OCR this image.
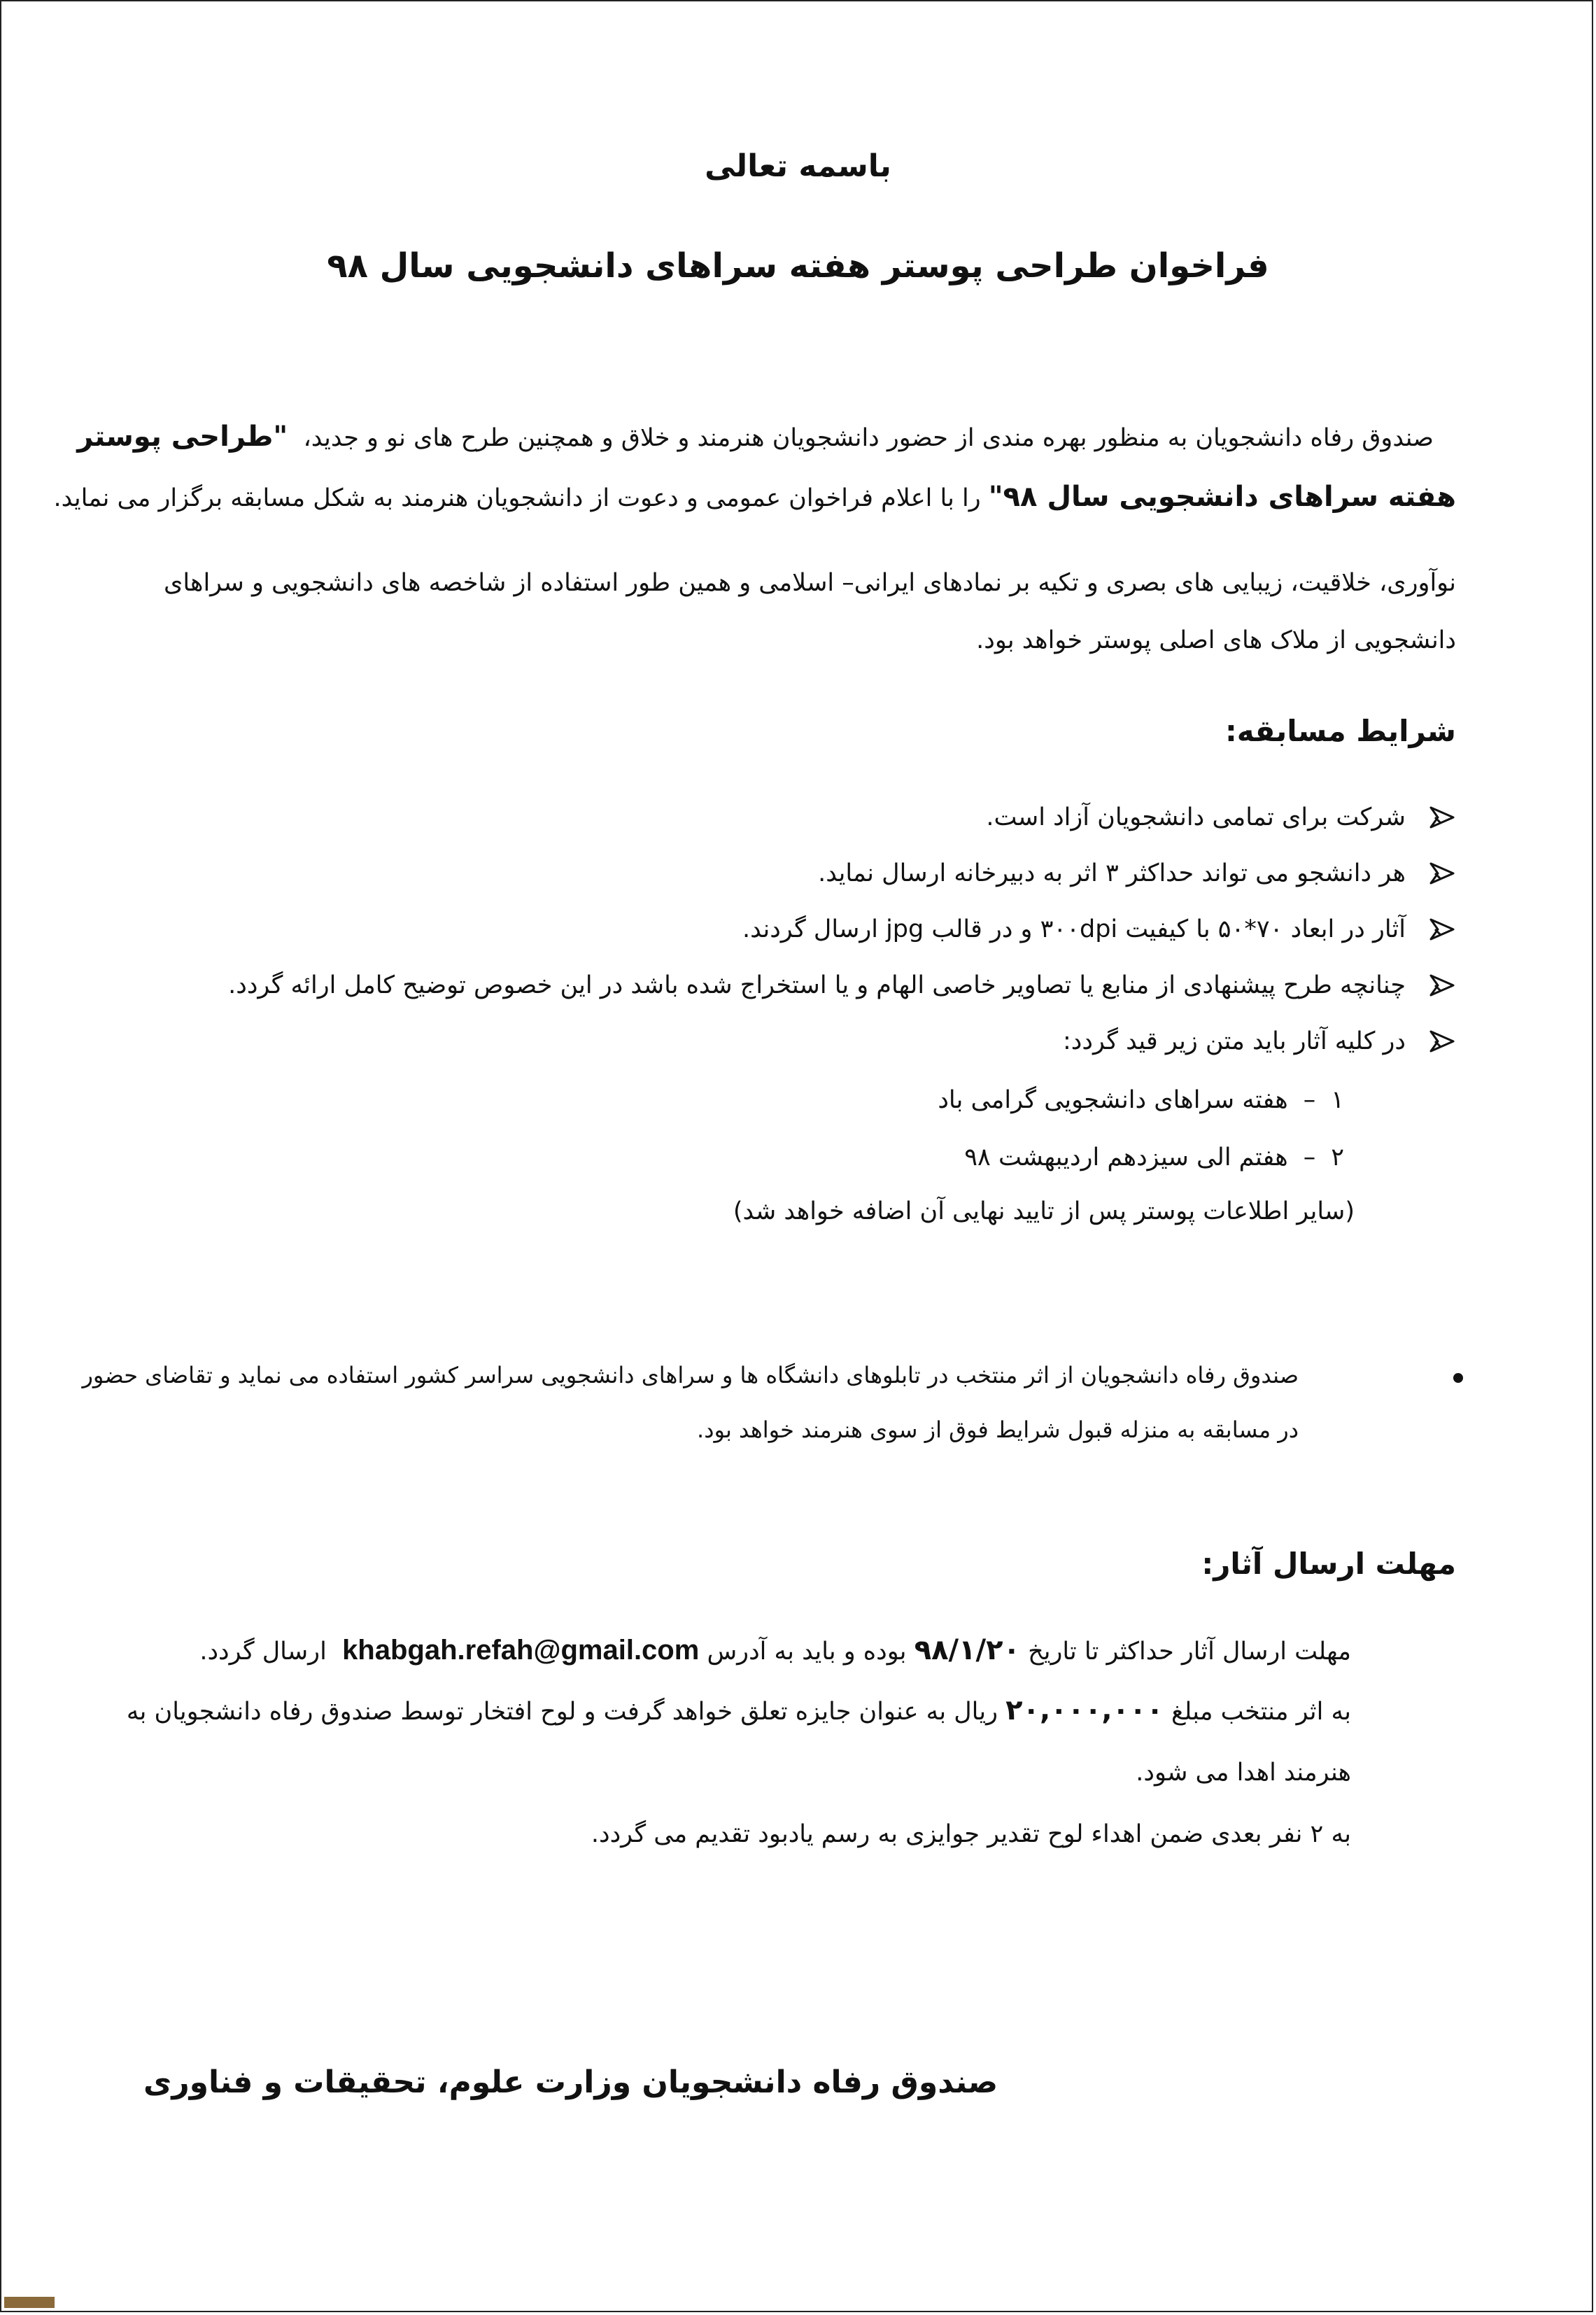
باسمه تعالی
فراخوان طراحی پوستر هفته سراهای دانشجویی سال ۹۸
صندوق رفاه دانشجویان به منظور بهره مندی از حضور دانشجویان هنرمند و خلاق و همچنین طرح های نو و جدید،  "طراحی پوستر
هفته سراهای دانشجویی سال ۹۸" را با اعلام فراخوان عمومی و دعوت از دانشجویان هنرمند به شکل مسابقه برگزار می نماید.
نوآوری، خلاقیت، زیبایی های بصری و تکیه بر نمادهای ایرانی– اسلامی و همین طور استفاده از شاخصه های دانشجویی و سراهای
دانشجویی از ملاک های اصلی پوستر خواهد بود.
شرایط مسابقه:
شرکت برای تمامی دانشجویان آزاد است.
هر دانشجو می تواند حداکثر ۳ اثر به دبیرخانه ارسال نماید.
آثار در ابعاد ۷۰*۵۰ با کیفیت ۳۰۰dpi و در قالب jpg ارسال گردند.
چنانچه طرح پیشنهادی از منابع یا تصاویر خاصی الهام و یا استخراج شده باشد در این خصوص توضیح کامل ارائه گردد.
در کلیه آثار باید متن زیر قید گردد:
۱–هفته سراهای دانشجویی گرامی باد
۲–هفتم الی سیزدهم اردیبهشت ۹۸
(سایر اطلاعات پوستر پس از تایید نهایی آن اضافه خواهد شد)
صندوق رفاه دانشجویان از اثر منتخب در تابلوهای دانشگاه ها و سراهای دانشجویی سراسر کشور استفاده می نماید و تقاضای حضور
در مسابقه به منزله قبول شرایط فوق از سوی هنرمند خواهد بود.
مهلت ارسال آثار:
مهلت ارسال آثار حداکثر تا تاریخ ۹۸/۱/۲۰ بوده و باید به آدرس khabgah.refah@gmail.com  ارسال گردد.
به اثر منتخب مبلغ ۲۰,۰۰۰,۰۰۰ ریال به عنوان جایزه تعلق خواهد گرفت و لوح افتخار توسط صندوق رفاه دانشجویان به
هنرمند اهدا می شود.
به ۲ نفر بعدی ضمن اهداء لوح تقدیر جوایزی به رسم یادبود تقدیم می گردد.
صندوق رفاه دانشجویان وزارت علوم، تحقیقات و فناوری
